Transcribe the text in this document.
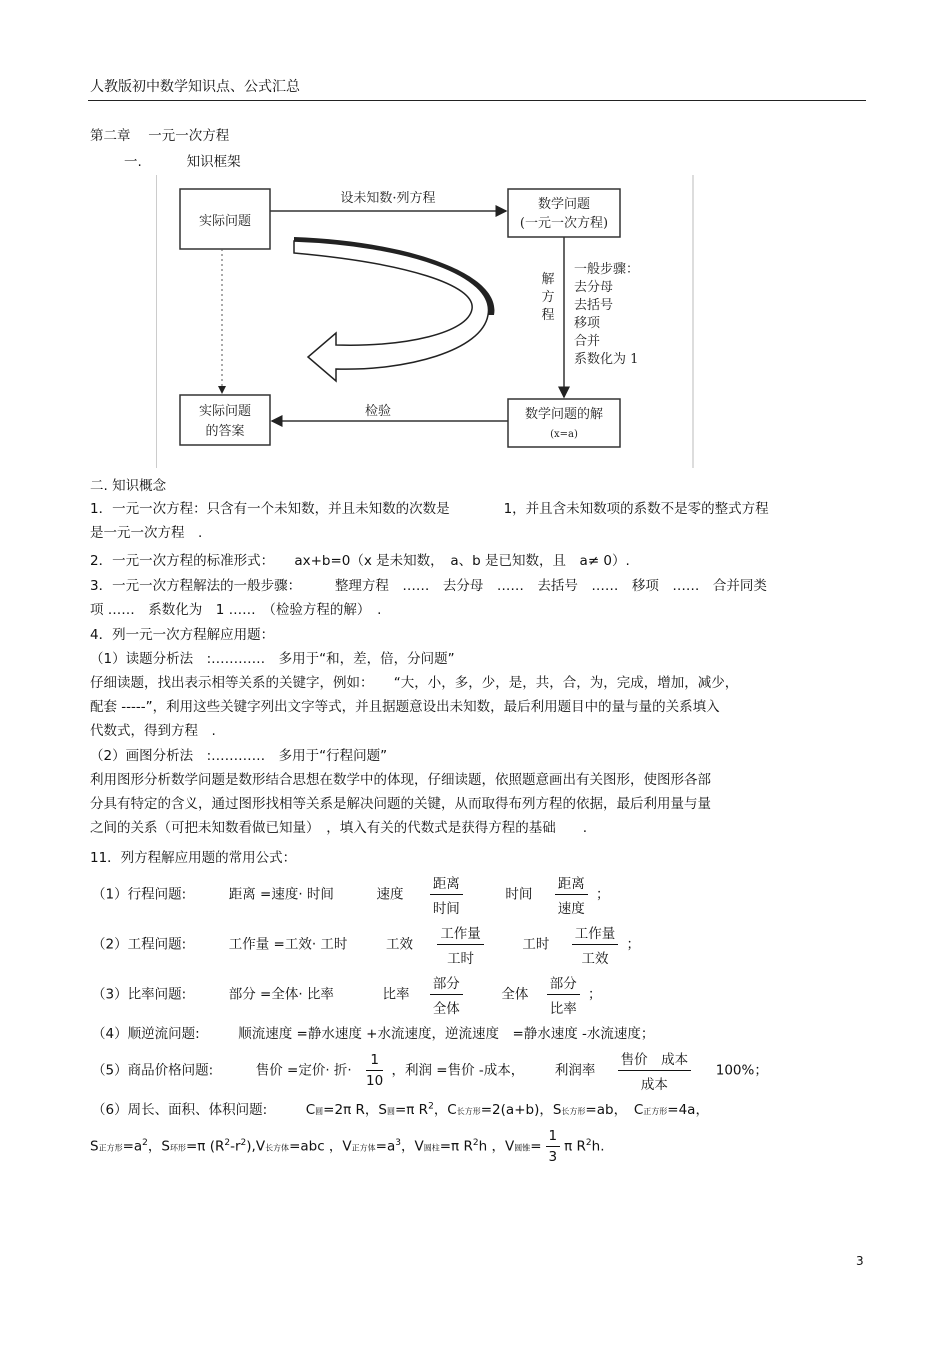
人教版初中数学知识点、公式汇总
第二章　 一元一次方程
一.　　　 知识框架
实际问题
数学问题
(一元一次方程)
实际问题
的答案
数学问题的解
(x=a)
设未知数·列方程
检验
解
方
程
一般步骤：
去分母
去括号
移项
合并
系数化为 1
二. 知识概念
1．一元一次方程：只含有一个未知数，并且未知数的次数是　　　　1，并且含未知数项的系数不是零的整式方程
是一元一次方程　.
2．一元一次方程的标准形式：　　ax+b=0（x 是未知数，　a、b 是已知数，且　a≠ 0）.
3．一元一次方程解法的一般步骤：　　　整理方程　……　去分母　……　去括号　……　移项　……　合并同类
项 ……　系数化为　1 ……　（检验方程的解）　.
4．列一元一次方程解应用题：
（1）读题分析法　:…………　多用于“和，差，倍，分问题”
仔细读题，找出表示相等关系的关键字，例如：　　“大，小，多，少，是，共，合，为，完成，增加，减少，
配套 -----”，利用这些关键字列出文字等式，并且据题意设出未知数，最后利用题目中的量与量的关系填入
代数式，得到方程　.
（2）画图分析法　:…………　多用于“行程问题”
利用图形分析数学问题是数形结合思想在数学中的体现，仔细读题，依照题意画出有关图形，使图形各部
分具有特定的含义，通过图形找相等关系是解决问题的关键，从而取得布列方程的依据，最后利用量与量
之间的关系（可把未知数看做已知量）　，填入有关的代数式是获得方程的基础　　.
11．列方程解应用题的常用公式：
（1）行程问题:	距离 =速度· 时间	速度 $\frac{\text{距离}}{\text{时间}}$	时间 $\frac{\text{距离}}{\text{速度}}$ ；
（2）工程问题:	工作量 =工效· 工时	工效 $\frac{\text{工作量}}{\text{工时}}$	工时 $\frac{\text{工作量}}{\text{工效}}$ ；
（3）比率问题:	部分 =全体· 比率	比率 $\frac{\text{部分}}{\text{全体}}$	全体 $\frac{\text{部分}}{\text{比率}}$ ；
（4）顺逆流问题:	顺流速度 =静水速度 +水流速度，逆流速度　=静水速度 -水流速度；
（5）商品价格问题:	售价 =定价· 折· $\frac{1}{10}$ ，利润 =售价 -成本， 利润率 $\frac{\text{售价　成本}}{\text{成本}} 100\%$；
（6）周长、面积、体积问题:	C圆=2π R，S圆=π $R^2$，C长方形=2(a+b)，S长方形=ab，　C正方形=4a，
S正方形$=a^2$，S环形=π $(R^2-r^2),V$长方体=abc ，V正方体$=a^3$，V圆柱=π $R^2h$ ，V圆锥= $\frac{1}{3}$ π $R^2h$.
3
